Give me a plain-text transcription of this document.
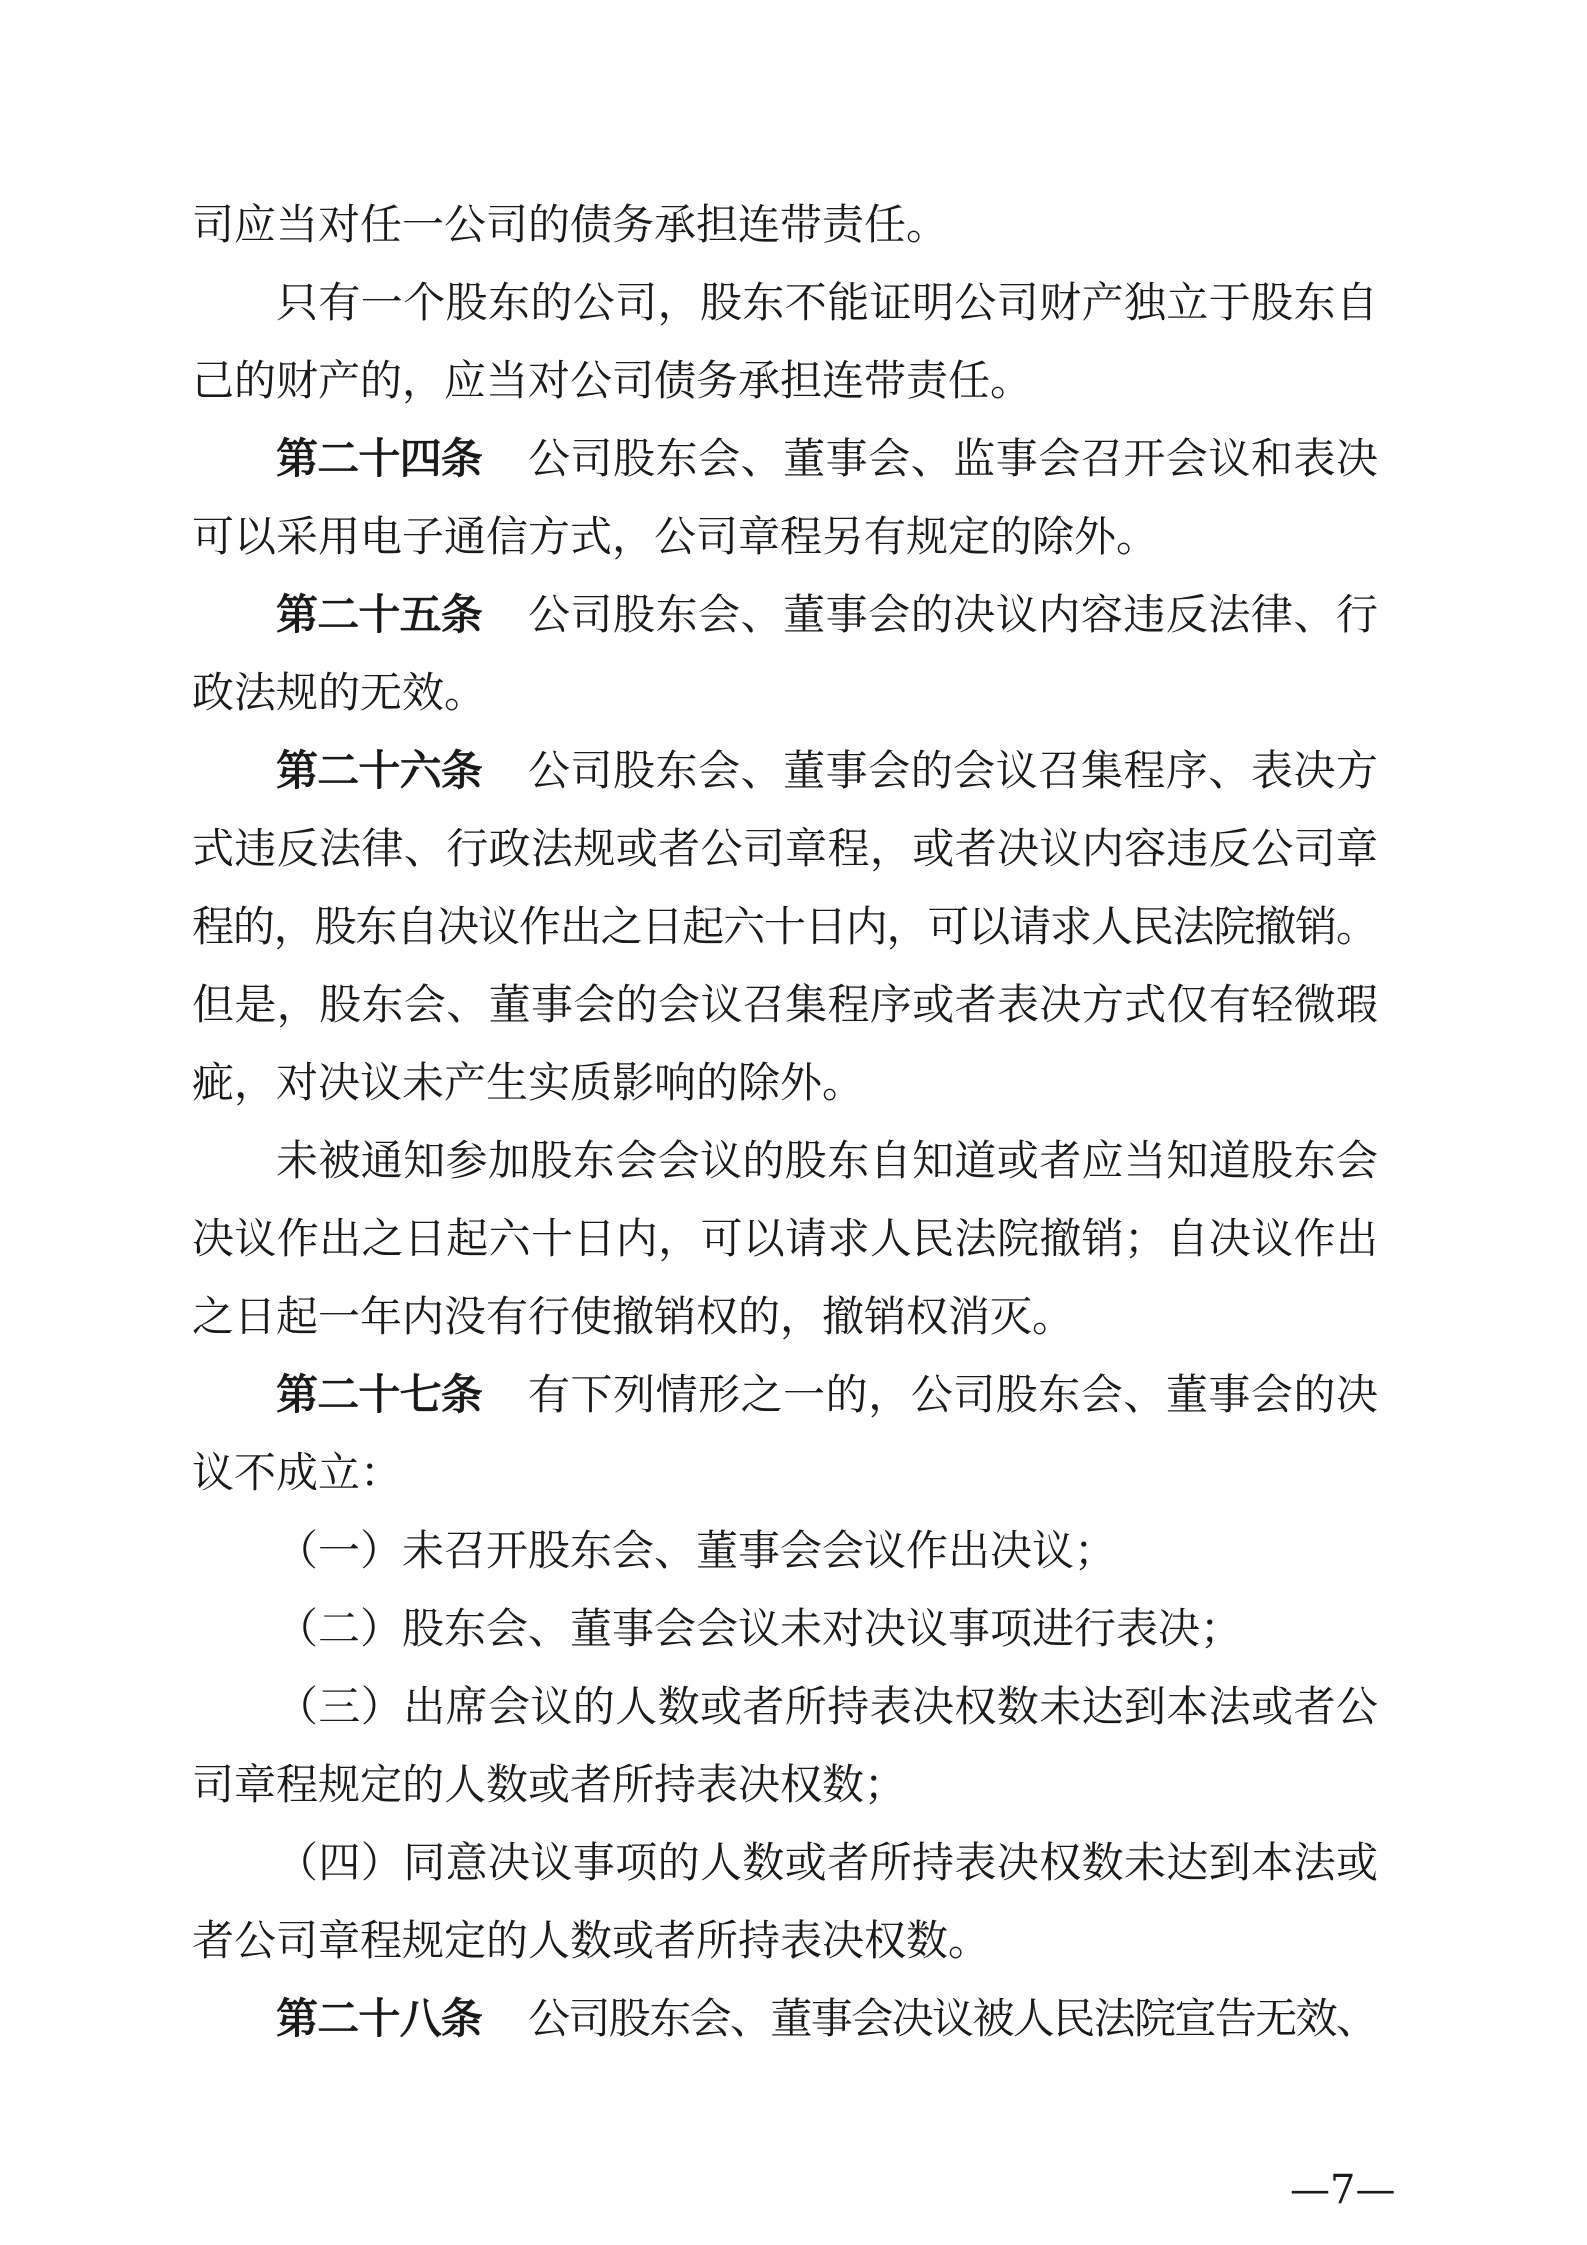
司应当对任一公司的债务承担连带责任。
只有一个股东的公司，股东不能证明公司财产独立于股东自
己的财产的，应当对公司债务承担连带责任。
第二十四条 公司股东会、董事会、监事会召开会议和表决
可以采用电子通信方式，公司章程另有规定的除外。
第二十五条 公司股东会、董事会的决议内容违反法律、行
政法规的无效。
第二十六条 公司股东会、董事会的会议召集程序、表决方
式违反法律、行政法规或者公司章程，或者决议内容违反公司章
程的，股东自决议作出之日起六十日内，可以请求人民法院撤销。
但是，股东会、董事会的会议召集程序或者表决方式仅有轻微瑕
疵，对决议未产生实质影响的除外。
未被通知参加股东会会议的股东自知道或者应当知道股东会
决议作出之日起六十日内，可以请求人民法院撤销；自决议作出
之日起一年内没有行使撤销权的，撤销权消灭。
第二十七条 有下列情形之一的，公司股东会、董事会的决
议不成立：
（一）未召开股东会、董事会会议作出决议；
（二）股东会、董事会会议未对决议事项进行表决；
（三）出席会议的人数或者所持表决权数未达到本法或者公
司章程规定的人数或者所持表决权数；
（四）同意决议事项的人数或者所持表决权数未达到本法或
者公司章程规定的人数或者所持表决权数。
第二十八条 公司股东会、董事会决议被人民法院宣告无效、
—7—
